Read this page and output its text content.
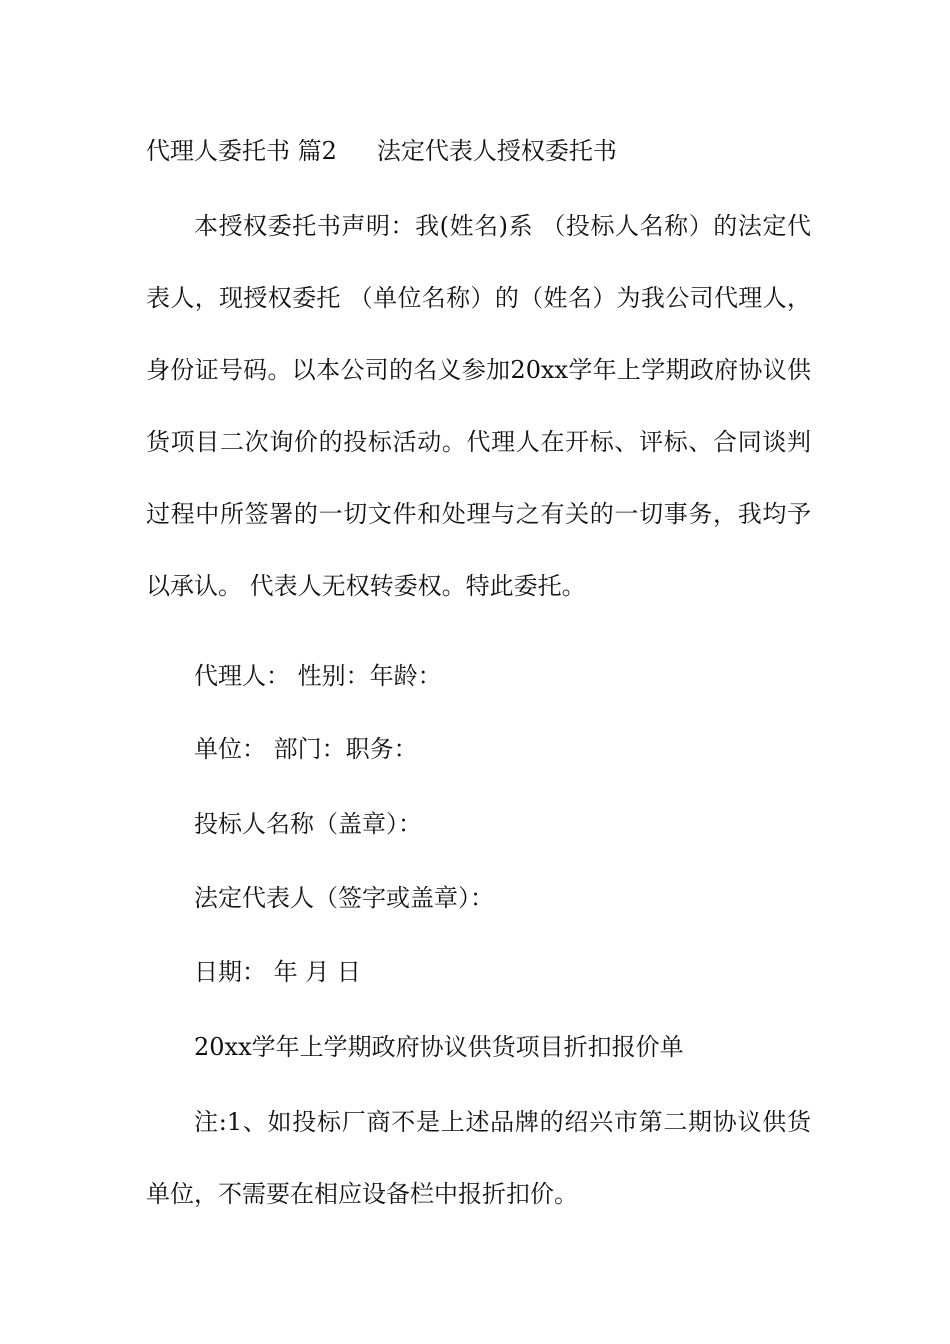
代理人委托书 篇2 法定代表人授权委托书

本授权委托书声明：我(姓名)系 （投标人名称）的法定代表人，现授权委托 （单位名称）的（姓名）为我公司代理人，身份证号码。以本公司的名义参加20xx学年上学期政府协议供货项目二次询价的投标活动。代理人在开标、评标、合同谈判过程中所签署的一切文件和处理与之有关的一切事务，我均予以承认。 代表人无权转委权。特此委托。

代理人： 性别：年龄：

单位： 部门：职务：

投标人名称（盖章）：

法定代表人（签字或盖章）：

日期： 年 月 日

20xx学年上学期政府协议供货项目折扣报价单

注:1、如投标厂商不是上述品牌的绍兴市第二期协议供货单位，不需要在相应设备栏中报折扣价。
